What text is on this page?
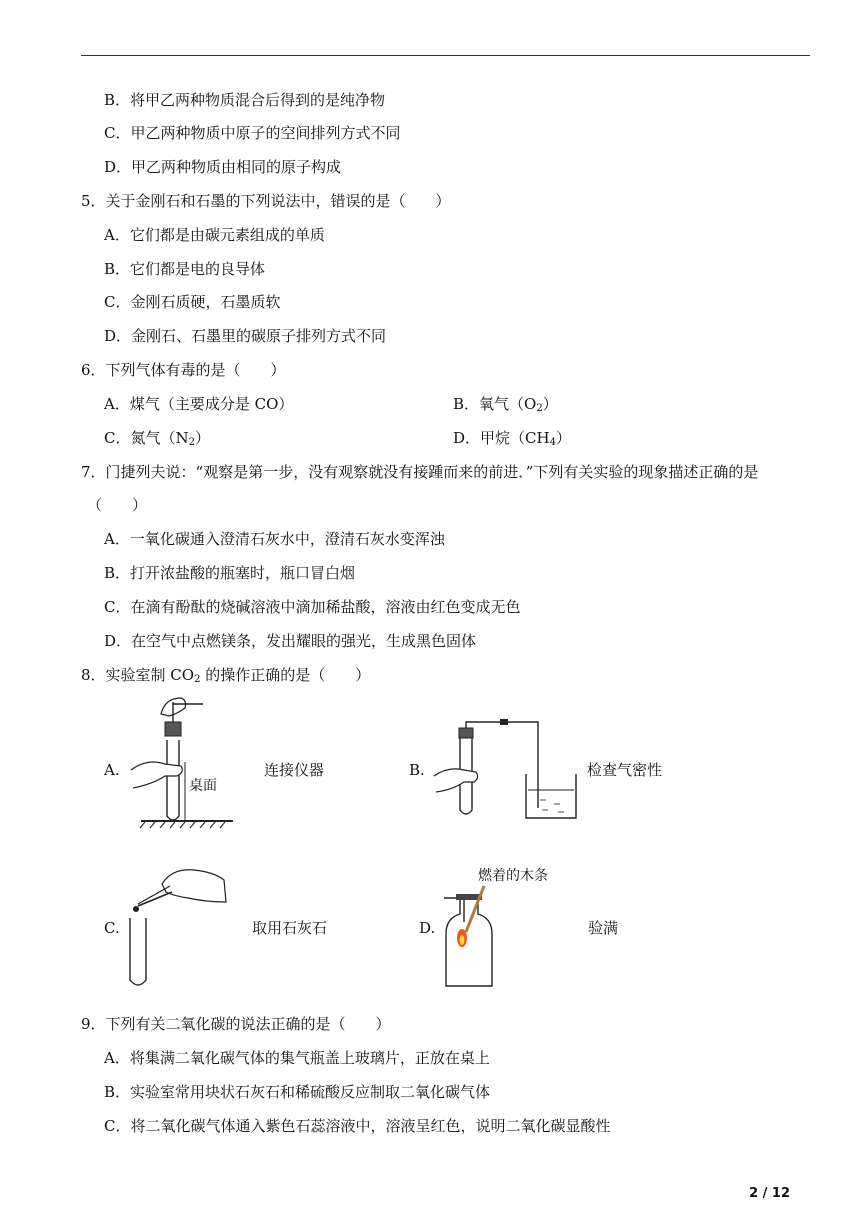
B．将甲乙两种物质混合后得到的是纯净物
C．甲乙两种物质中原子的空间排列方式不同
D．甲乙两种物质由相同的原子构成
5．关于金刚石和石墨的下列说法中，错误的是（　　）
A．它们都是由碳元素组成的单质
B．它们都是电的良导体
C．金刚石质硬，石墨质软
D．金刚石、石墨里的碳原子排列方式不同
6．下列气体有毒的是（　　）
A．煤气（主要成分是 CO）	B．氧气$(O_2)$
C．氮气$(N_2)$	D．甲烷$(CH_4)$
7．门捷列夫说：“观察是第一步，没有观察就没有接踵而来的前进．”下列有关实验的现象描述正确的是
（　　）
A．一氧化碳通入澄清石灰水中，澄清石灰水变浑浊
B．打开浓盐酸的瓶塞时，瓶口冒白烟
C．在滴有酚酞的烧碱溶液中滴加稀盐酸，溶液由红色变成无色
D．在空气中点燃镁条，发出耀眼的强光，生成黑色固体
8．实验室制 $CO_2$ 的操作正确的是（　　）
A.
桌面
连接仪器	B.	检查气密性
C.	取用石灰石	D.
燃着的木条
验满
9．下列有关二氧化碳的说法正确的是（　　）
A．将集满二氧化碳气体的集气瓶盖上玻璃片，正放在桌上
B．实验室常用块状石灰石和稀硫酸反应制取二氧化碳气体
C．将二氧化碳气体通入紫色石蕊溶液中，溶液呈红色，说明二氧化碳显酸性
2 / 12
